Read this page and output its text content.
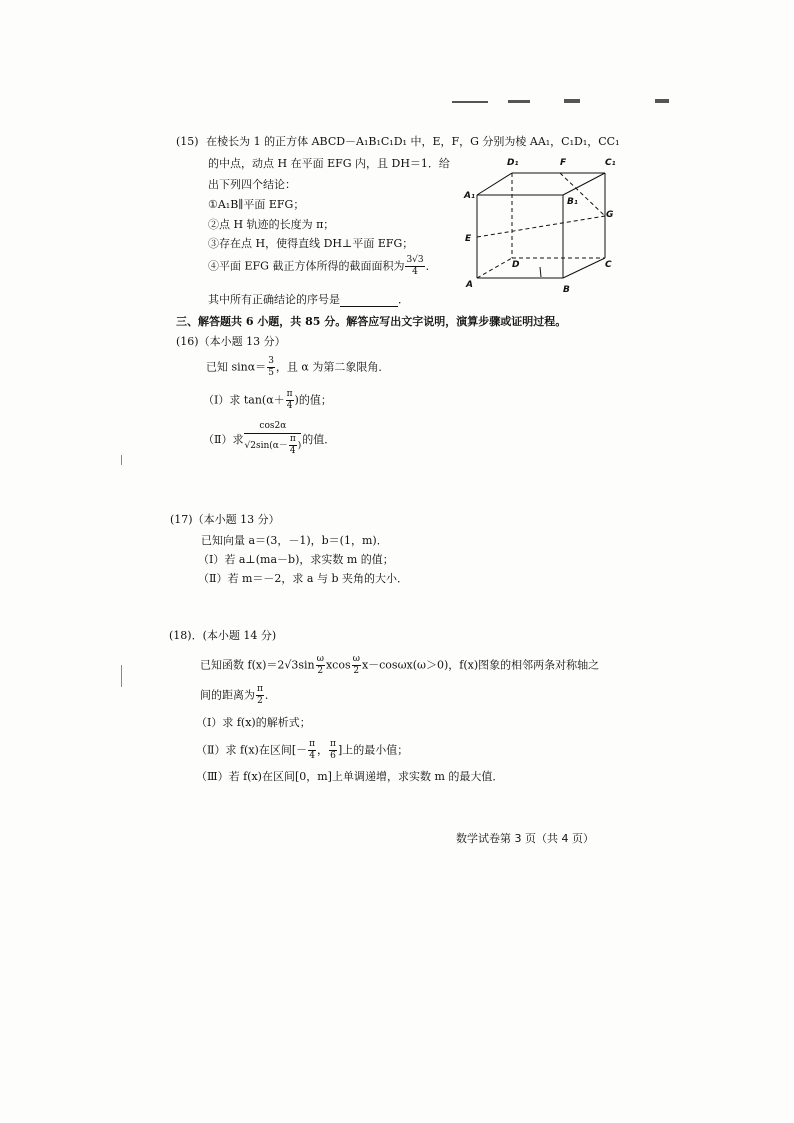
(15) 在棱长为 1 的正方体 ABCD－A₁B₁C₁D₁ 中，E，F，G 分别为棱 AA₁，C₁D₁，CC₁
的中点，动点 H 在平面 EFG 内，且 DH＝1．给
出下列四个结论：
①A₁B∥平面 EFG；
②点 H 轨迹的长度为 π；
③存在点 H，使得直线 DH⊥平面 EFG；
④平面 EFG 截正方体所得的截面面积为 $\frac{3√3}{4}$ ．
其中所有正确结论的序号是	．
D₁	F	C₁
A₁
B₁
G
E
D	C
A	B
三、解答题共 6 小题，共 85 分。解答应写出文字说明，演算步骤或证明过程。
(16)（本小题 13 分）
已知 $\sin\alpha= \frac{3}{5}$ ，且 α 为第二象限角．
（Ⅰ）求 $\tan(\alpha+ \frac{\pi}{4}$ )的值；
（Ⅱ）求 $\frac{\cos 2\alpha}{√2\sin(\alpha- \frac{\pi}{4} )}$ 的值．
(17)（本小题 13 分）
已知向量 a＝(3，－1)，b＝(1，m)．
（Ⅰ）若 a⊥(ma－b)，求实数 m 的值；
（Ⅱ）若 m＝－2，求 a 与 b 夹角的大小．
(18)．(本小题 14 分)
已知函数 $f(x)=2√3\sin \frac{\omega}{2}$ xcos $\frac{\omega}{2} x-\cos\omega x(\omega>0)$，f(x)图象的相邻两条对称轴之
间的距离为 $\frac{\pi}{2}$ ．
（Ⅰ）求 f(x)的解析式；
（Ⅱ）求 f(x)在区间[－ $\frac{\pi}{4}$ ， $\frac{\pi}{6}$ ]上的最小值；
（Ⅲ）若 f(x)在区间[0，m]上单调递增，求实数 m 的最大值．
数学试卷第 3 页（共 4 页）
